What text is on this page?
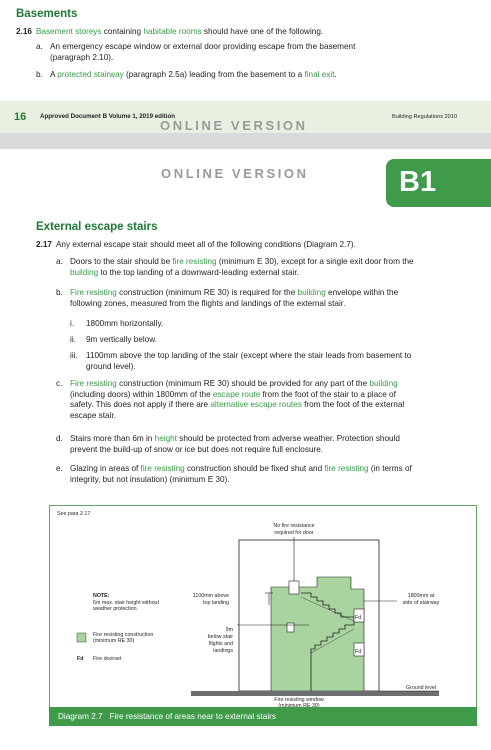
Basements
2.16 Basement storeys containing habitable rooms should have one of the following.
a. An emergency escape window or external door providing escape from the basement
(paragraph 2.10).
b. A protected stairway (paragraph 2.5a) leading from the basement to a final exit.
16 Approved Document B Volume 1, 2019 edition	Building Regulations 2010
ONLINE VERSION
ONLINE VERSION	B1
External escape stairs
2.17 Any external escape stair should meet all of the following conditions (Diagram 2.7).
a. Doors to the stair should be fire resisting (minimum E 30), except for a single exit door from the
building to the top landing of a downward-leading external stair.
b. Fire resisting construction (minimum RE 30) is required for the building envelope within the
following zones, measured from the flights and landings of the external stair.
i. 1800mm horizontally.
ii. 9m vertically below.
iii. 1100mm above the top landing of the stair (except where the stair leads from basement to
ground level).
c. Fire resisting construction (minimum RE 30) should be provided for any part of the building
(including doors) within 1800mm of the escape route from the foot of the stair to a place of
safety. This does not apply if there are alternative escape routes from the foot of the external
escape stair.
d. Stairs more than 6m in height should be protected from adverse weather. Protection should
prevent the build-up of snow or ice but does not require full enclosure.
e. Glazing in areas of fire resisting construction should be fixed shut and fire resisting (in terms of
integrity, but not insulation) (minimum E 30).
See para 2.17
No fire resistance
required for door
Fd
Fd
Ground level
NOTE:
6m max. stair height without
weather protection.
Fire resisting construction
(minimum RE 30)
Fd Fire doorset
1100mm above
top landing
9m
below stair
flights and
landings
1800mm at
side of stairway
Fire resisting window
(minimum RE 30)
Diagram 2.7 Fire resistance of areas near to external stairs
